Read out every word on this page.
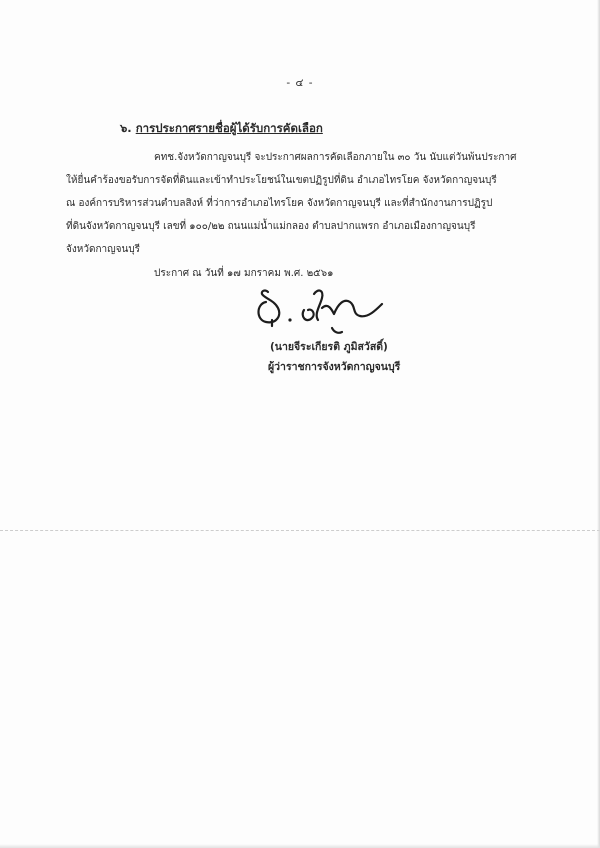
- ๔ -
๖. การประกาศรายชื่อผู้ได้รับการคัดเลือก
คทช.จังหวัดกาญจนบุรี จะประกาศผลการคัดเลือกภายใน ๓๐ วัน นับแต่วันพ้นประกาศ
ให้ยื่นคำร้องขอรับการจัดที่ดินและเข้าทำประโยชน์ในเขตปฏิรูปที่ดิน อำเภอไทรโยค จังหวัดกาญจนบุรี
ณ องค์การบริหารส่วนตำบลสิงห์ ที่ว่าการอำเภอไทรโยค จังหวัดกาญจนบุรี และที่สำนักงานการปฏิรูป
ที่ดินจังหวัดกาญจนบุรี เลขที่ ๑๐๐/๒๒ ถนนแม่น้ำแม่กลอง ตำบลปากแพรก อำเภอเมืองกาญจนบุรี
จังหวัดกาญจนบุรี
ประกาศ ณ วันที่ ๑๗ มกราคม พ.ศ. ๒๕๖๑
(นายจีระเกียรติ ภูมิสวัสดิ์)
ผู้ว่าราชการจังหวัดกาญจนบุรี
